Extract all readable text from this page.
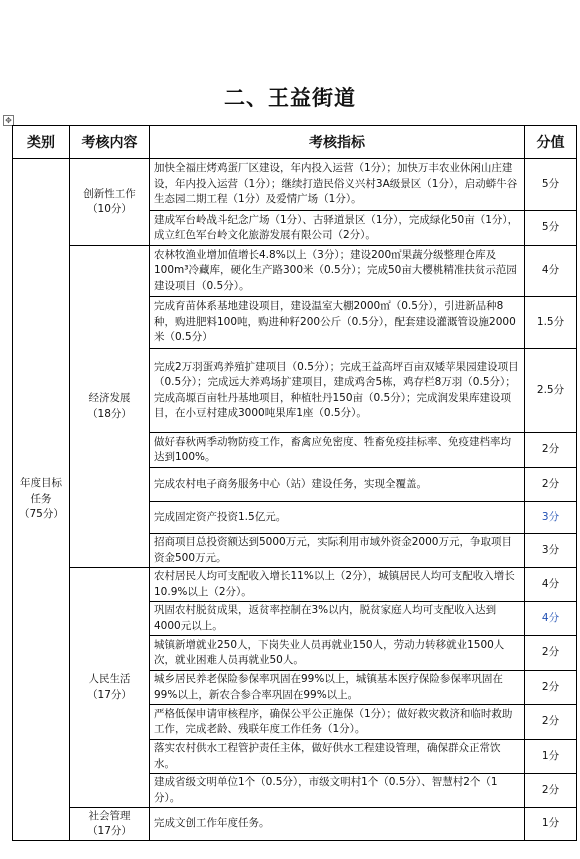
二、王益街道
✥
类别	考核内容	考核指标	分值
年度目标任务（75分）	创新性工作（10分）	加快全福庄烤鸡蛋厂区建设，年内投入运营（1分）；加快万丰农业休闲山庄建设，年内投入运营（1分）；继续打造民俗义兴村3A级景区（1分），启动蟒牛谷生态园二期工程（1分）及爱情广场（1分）。	5分
		建成军台岭战斗纪念广场（1分）、古驿道景区（1分），完成绿化50亩（1分），成立红色军台岭文化旅游发展有限公司（2分）。	5分
	经济发展（18分）	农林牧渔业增加值增长4.8%以上（3分）；建设200㎡果蔬分级整理仓库及100m³冷藏库，硬化生产路300米（0.5分）；完成50亩大樱桃精准扶贫示范园建设项目（0.5分）。	4分
		完成育苗体系基地建设项目，建设温室大棚2000㎡（0.5分），引进新品种8种，购进肥料100吨，购进种籽200公斤（0.5分），配套建设灌溉管设施2000米（0.5分）	1.5分
		完成2万羽蛋鸡养殖扩建项目（0.5分）；完成王益高坪百亩双矮苹果园建设项目（0.5分）；完成远大养鸡场扩建项目，建成鸡舍5栋，鸡存栏8万羽（0.5分）；完成高塬百亩牡丹基地项目，种植牡丹150亩（0.5分）；完成润发果库建设项目，在小豆村建成3000吨果库1座（0.5分）。	2.5分
		做好春秋两季动物防疫工作，畜禽应免密度、牲畜免疫挂标率、免疫建档率均达到100%。	2分
		完成农村电子商务服务中心（站）建设任务，实现全覆盖。	2分
		完成固定资产投资1.5亿元。	3分
		招商项目总投资额达到5000万元，实际利用市域外资金2000万元，争取项目资金500万元。	3分
	人民生活（17分）	农村居民人均可支配收入增长11%以上（2分），城镇居民人均可支配收入增长10.9%以上（2分）。	4分
		巩固农村脱贫成果，返贫率控制在3%以内，脱贫家庭人均可支配收入达到4000元以上。	4分
		城镇新增就业250人，下岗失业人员再就业150人，劳动力转移就业1500人次，就业困难人员再就业50人。	2分
		城乡居民养老保险参保率巩固在99%以上，城镇基本医疗保险参保率巩固在99%以上，新农合参合率巩固在99%以上。	2分
		严格低保申请审核程序，确保公平公正施保（1分）；做好救灾救济和临时救助工作，完成老龄、残联年度工作任务（1分）。	2分
		落实农村供水工程管护责任主体，做好供水工程建设管理，确保群众正常饮水。	1分
		建成省级文明单位1个（0.5分），市级文明村1个（0.5分）、智慧村2个（1分）。	2分
	社会管理（17分）	完成文创工作年度任务。	1分
